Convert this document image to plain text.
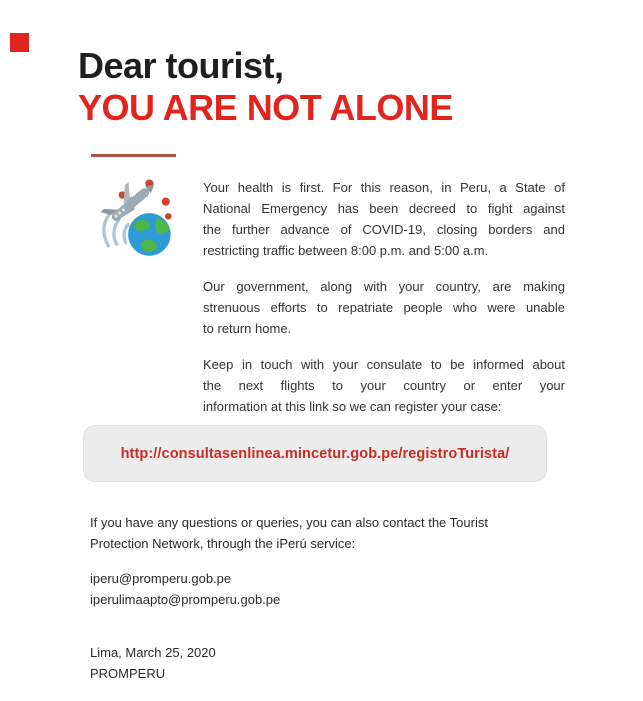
Dear tourist,
YOU ARE NOT ALONE
Your health is first. For this reason, in Peru, a State of
National Emergency has been decreed to fight against
the further advance of COVID-19, closing borders and
restricting traffic between 8:00 p.m. and 5:00 a.m.
Our government, along with your country, are making
strenuous efforts to repatriate people who were unable
to return home.
Keep in touch with your consulate to be informed about
the next flights to your country or enter your
information at this link so we can register your case:
http://consultasenlinea.mincetur.gob.pe/registroTurista/
If you have any questions or queries, you can also contact the Tourist
Protection Network, through the iPerú service:
iperu@promperu.gob.pe
iperulimaapto@promperu.gob.pe
Lima, March 25, 2020
PROMPERU
